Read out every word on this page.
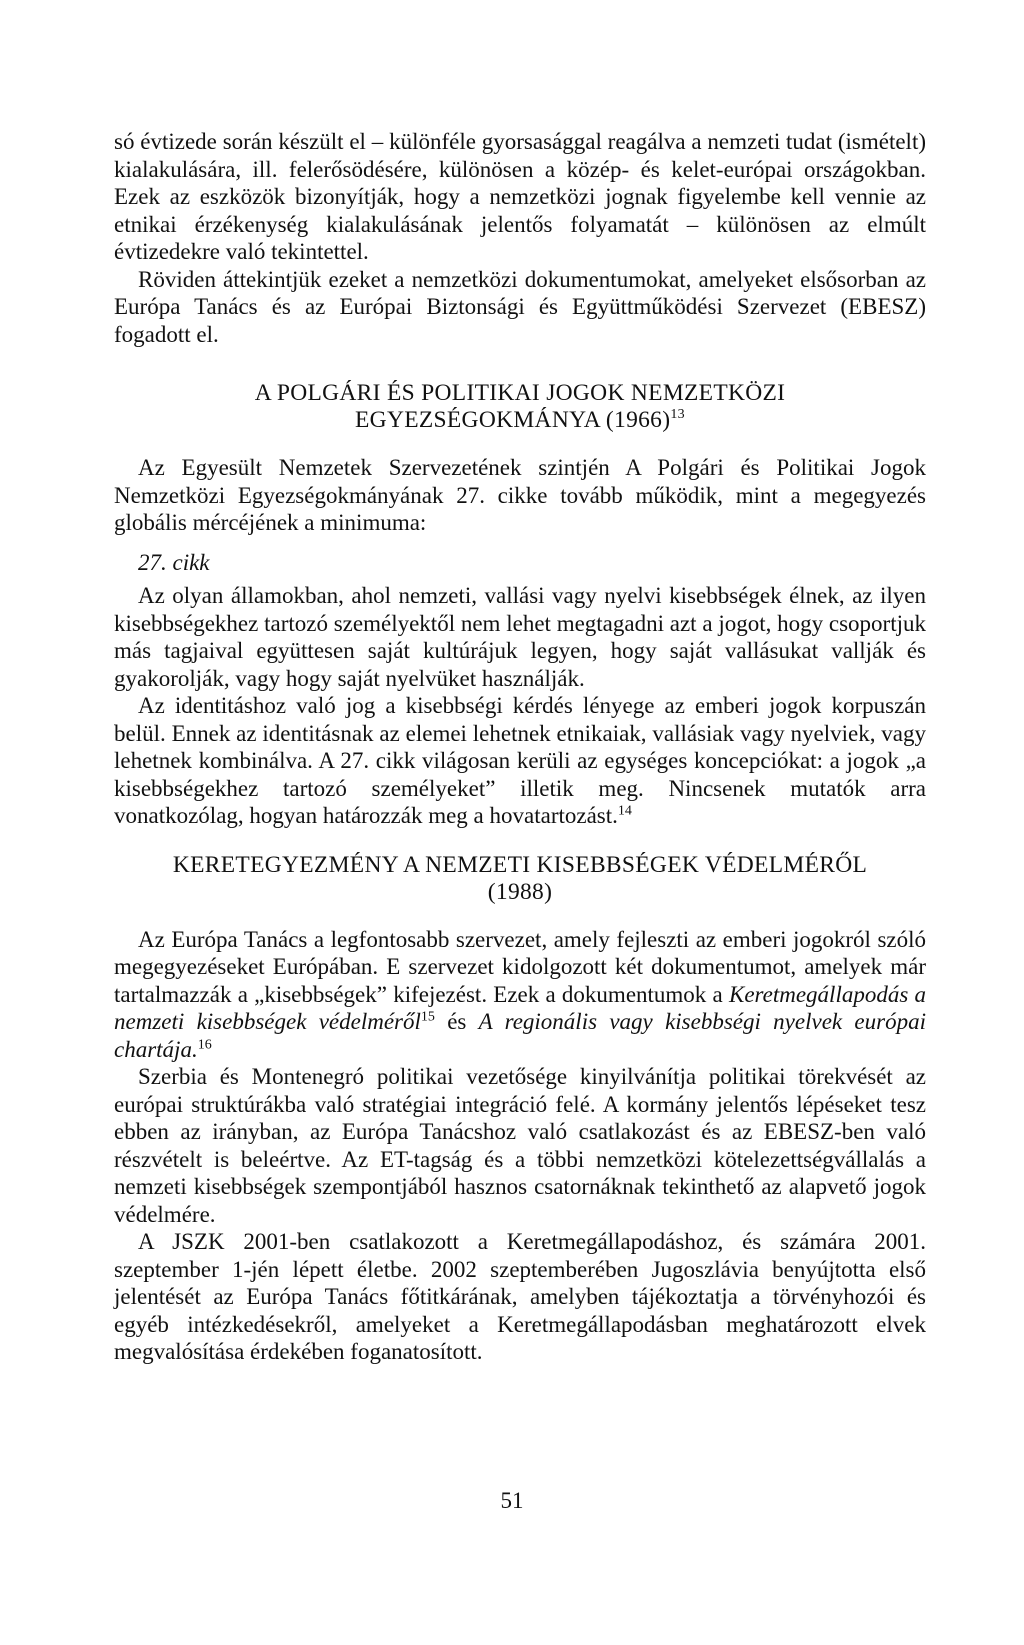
só évtizede során készült el – különféle gyorsasággal reagálva a nemzeti tudat (ismételt) kialakulására, ill. felerősödésére, különösen a közép- és kelet-európai országokban. Ezek az eszközök bizonyítják, hogy a nemzetközi jognak figyelembe kell vennie az etnikai érzékenység kialakulásának jelentős folyamatát – különösen az elmúlt évtizedekre való tekintettel.

Röviden áttekintjük ezeket a nemzetközi dokumentumokat, amelyeket elsősorban az Európa Tanács és az Európai Biztonsági és Együttműködési Szervezet (EBESZ) fogadott el.

A POLGÁRI ÉS POLITIKAI JOGOK NEMZETKÖZI
EGYEZSÉGOKMÁNYA $(1966)^{13}$

Az Egyesült Nemzetek Szervezetének szintjén A Polgári és Politikai Jogok Nemzetközi Egyezségokmányának 27. cikke tovább működik, mint a megegyezés globális mércéjének a minimuma:

27. cikk

Az olyan államokban, ahol nemzeti, vallási vagy nyelvi kisebbségek élnek, az ilyen kisebbségekhez tartozó személyektől nem lehet megtagadni azt a jogot, hogy csoportjuk más tagjaival együttesen saját kultúrájuk legyen, hogy saját vallásukat vallják és gyakorolják, vagy hogy saját nyelvüket használják.

Az identitáshoz való jog a kisebbségi kérdés lényege az emberi jogok korpuszán belül. Ennek az identitásnak az elemei lehetnek etnikaiak, vallásiak vagy nyelviek, vagy lehetnek kombinálva. A 27. cikk világosan kerüli az egységes koncepciókat: a jogok „a kisebbségekhez tartozó személyeket” illetik meg. Nincsenek mutatók arra vonatkozólag, hogyan határozzák meg a hovatartozást.$^{14}$

KERETEGYEZMÉNY A NEMZETI KISEBBSÉGEK VÉDELMÉRŐL
(1988)

Az Európa Tanács a legfontosabb szervezet, amely fejleszti az emberi jogokról szóló megegyezéseket Európában. E szervezet kidolgozott két dokumentumot, amelyek már tartalmazzák a „kisebbségek” kifejezést. Ezek a dokumentumok a Keretmegállapodás a nemzeti kisebbségek védelméről$^{15}$ és A regionális vagy kisebbségi nyelvek európai chartája.$^{16}$

Szerbia és Montenegró politikai vezetősége kinyilvánítja politikai törekvését az európai struktúrákba való stratégiai integráció felé. A kormány jelentős lépéseket tesz ebben az irányban, az Európa Tanácshoz való csatlakozást és az EBESZ-ben való részvételt is beleértve. Az ET-tagság és a többi nemzetközi kötelezettségvállalás a nemzeti kisebbségek szempontjából hasznos csatornáknak tekinthető az alapvető jogok védelmére.

A JSZK 2001-ben csatlakozott a Keretmegállapodáshoz, és számára 2001. szeptember 1-jén lépett életbe. 2002 szeptemberében Jugoszlávia benyújtotta első jelentését az Európa Tanács főtitkárának, amelyben tájékoztatja a törvényhozói és egyéb intézkedésekről, amelyeket a Keretmegállapodásban meghatározott elvek megvalósítása érdekében foganatosított.

51
